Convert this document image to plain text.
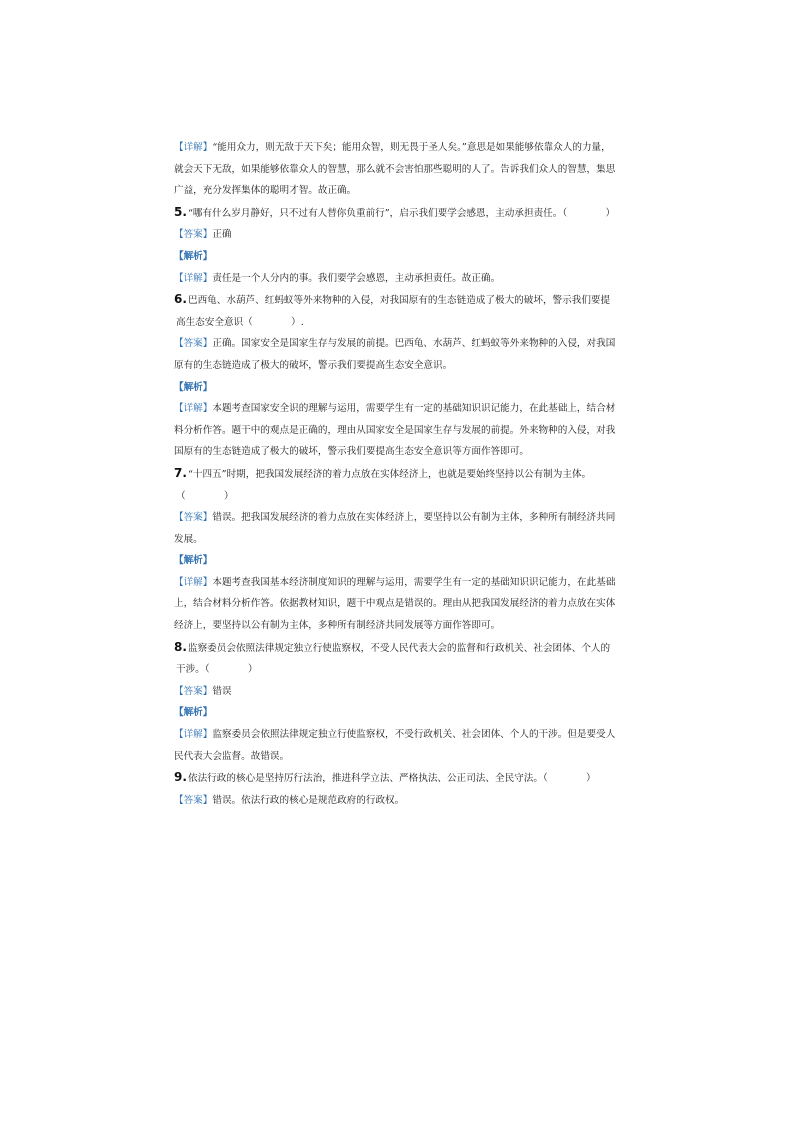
【详解】“能用众力，则无敌于天下矣；能用众智，则无畏于圣人矣。”意思是如果能够依靠众人的力量，
就会天下无敌，如果能够依靠众人的智慧，那么就不会害怕那些聪明的人了。告诉我们众人的智慧，集思
广益，充分发挥集体的聪明才智。故正确。
5.“哪有什么岁月静好，只不过有人替你负重前行”，启示我们要学会感恩，主动承担责任。（　　　　）
【答案】正确
【解析】
【详解】责任是一个人分内的事。我们要学会感恩，主动承担责任。故正确。
6.巴西龟、水葫芦、红蚂蚁等外来物种的入侵，对我国原有的生态链造成了极大的破坏，警示我们要提
高生态安全意识（　　　　）.
【答案】正确。国家安全是国家生存与发展的前提。巴西龟、水葫芦、红蚂蚁等外来物种的入侵，对我国
原有的生态链造成了极大的破坏，警示我们要提高生态安全意识。
【解析】
【详解】本题考查国家安全识的理解与运用，需要学生有一定的基础知识识记能力，在此基础上，结合材
料分析作答。题干中的观点是正确的，理由从国家安全是国家生存与发展的前提。外来物种的入侵，对我
国原有的生态链造成了极大的破坏，警示我们要提高生态安全意识等方面作答即可。
7.“十四五”时期，把我国发展经济的着力点放在实体经济上，也就是要始终坚持以公有制为主体。
（　　　　）
【答案】错误。把我国发展经济的着力点放在实体经济上，要坚持以公有制为主体，多种所有制经济共同
发展。
【解析】
【详解】本题考查我国基本经济制度知识的理解与运用，需要学生有一定的基础知识识记能力，在此基础
上，结合材料分析作答。依据教材知识，题干中观点是错误的。理由从把我国发展经济的着力点放在实体
经济上，要坚持以公有制为主体，多种所有制经济共同发展等方面作答即可。
8.监察委员会依照法律规定独立行使监察权，不受人民代表大会的监督和行政机关、社会团体、个人的
干涉。（　　　　）
【答案】错误
【解析】
【详解】监察委员会依照法律规定独立行使监察权，不受行政机关、社会团体、个人的干涉。但是要受人
民代表大会监督。故错误。
9.依法行政的核心是坚持厉行法治，推进科学立法、严格执法、公正司法、全民守法。（　　　　）
【答案】错误。依法行政的核心是规范政府的行政权。
